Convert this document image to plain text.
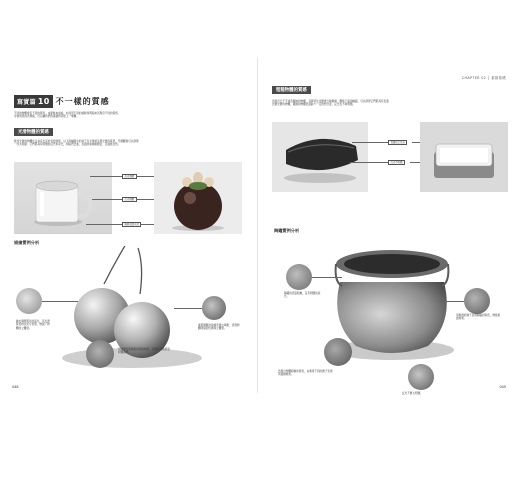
寫實篇 10 不一樣的質感
不同的物體會有不同的質感，本節就來看看，如何用不同的線條和明暗來表現這不同的質感，
學會質感的表現後，可以讓我們的畫讀得到更上一層樓。
光滑物體的質感
質感光滑的物體往往具有光亮的表面效果，以下兩幅圖中的杯子及水果就呈現光滑的質感，仔細觀察可以發現
一些共同點：它們都具有明顯的反光和亮光，明暗對比強，表面的線條較細密，且過渡自然。
高光明顯
反光明顯
線條過渡自然
描繪實例分析
繪出蘋果明亮的高光，其光滑質感得到充分表現，增強了物體的立體感。
運用細膩的線條表現出蘋果，表現物體明暗的色調和立體感。
用線條表現蘋果的明暗效果，表現其光滑質感和體積感。
048
CHAPTER 02 │ 素描基礎
粗糙物體的質感
表面凹凸不平或者粗糙的物體，其質感往往顯得比較粗糙，觀察下面兩幅圖，可以發現它們都具有表面
比較光滑的物體，粗糙的物體表面缺少一定的對比度，反光也不夠明顯。
表面缺乏高光
反光不明顯
陶罐實例分析
陶罐的表面粗糙，沒有明顯的高光。
用稍微的調子表現陶罐的質感，增強畫面效果。
表現出物體粗糙的質感，並運用不同的調子表現其粗糙效果。
反光不要太明顯。
049
